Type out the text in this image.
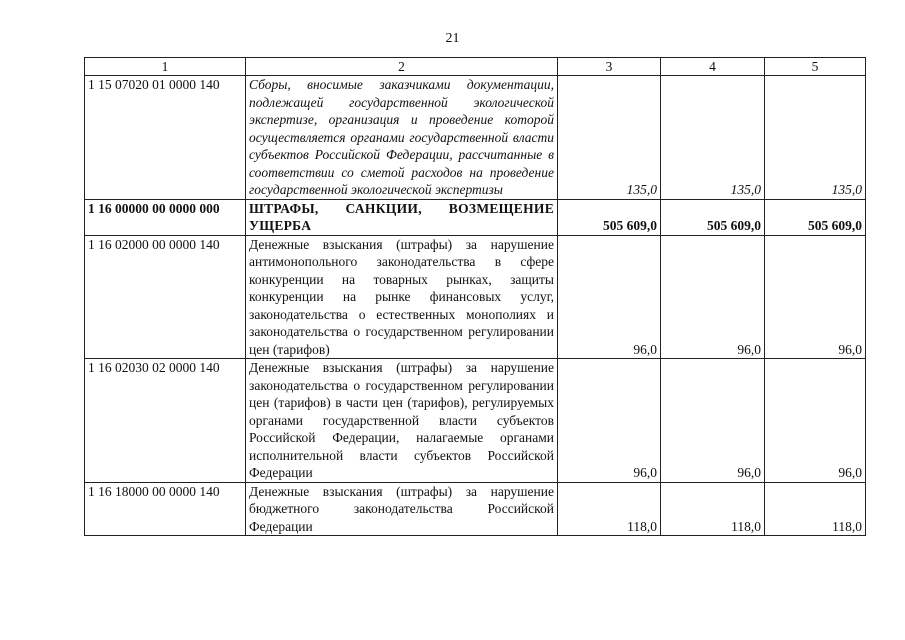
21
1	2	3	4	5
1 15 07020 01 0000 140	Сборы, вносимые заказчиками документации, подлежащей государственной экологической экспертизе, организация и проведение которой осуществляется органами государственной власти субъектов Российской Федерации, рассчитанные в соответствии со сметой расходов на проведение государственной экологической экспертизы	135,0	135,0	135,0
1 16 00000 00 0000 000	ШТРАФЫ, САНКЦИИ, ВОЗМЕЩЕНИЕ УЩЕРБА	505 609,0	505 609,0	505 609,0
1 16 02000 00 0000 140	Денежные взыскания (штрафы) за нарушение антимонопольного законодательства в сфере конкуренции на товарных рынках, защиты конкуренции на рынке финансовых услуг, законодательства о естественных монополиях и законодательства о государственном регулировании цен (тарифов)	96,0	96,0	96,0
1 16 02030 02 0000 140	Денежные взыскания (штрафы) за нарушение законодательства о государственном регулировании цен (тарифов) в части цен (тарифов), регулируемых органами государственной власти субъектов Российской Федерации, налагаемые органами исполнительной власти субъектов Российской Федерации	96,0	96,0	96,0
1 16 18000 00 0000 140	Денежные взыскания (штрафы) за нарушение бюджетного законодательства Российской Федерации	118,0	118,0	118,0
